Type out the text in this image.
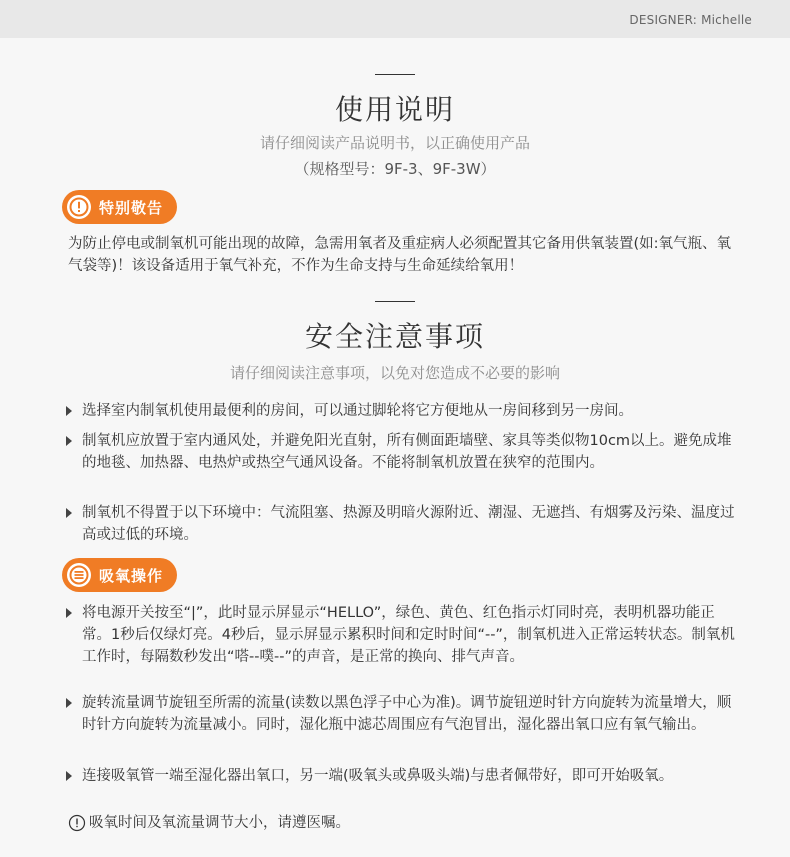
DESIGNER: Michelle
使用说明
请仔细阅读产品说明书，以正确使用产品
（规格型号：9F-3、9F-3W）
特别敬告
为防止停电或制氧机可能出现的故障，急需用氧者及重症病人必须配置其它备用供氧装置(如:氧气瓶、氧气袋等)！该设备适用于氧气补充，不作为生命支持与生命延续给氧用！
安全注意事项
请仔细阅读注意事项，以免对您造成不必要的影响
选择室内制氧机使用最便利的房间，可以通过脚轮将它方便地从一房间移到另一房间。
制氧机应放置于室内通风处，并避免阳光直射，所有侧面距墙壁、家具等类似物10cm以上。避免成堆的地毯、加热器、电热炉或热空气通风设备。不能将制氧机放置在狭窄的范围内。
制氧机不得置于以下环境中：气流阻塞、热源及明暗火源附近、潮湿、无遮挡、有烟雾及污染、温度过高或过低的环境。
吸氧操作
将电源开关按至“|”，此时显示屏显示“HELLO”，绿色、黄色、红色指示灯同时亮，表明机器功能正常。1秒后仅绿灯亮。4秒后，显示屏显示累积时间和定时时间“--”，制氧机进入正常运转状态。制氧机工作时，每隔数秒发出“嗒--噗--”的声音，是正常的换向、排气声音。
旋转流量调节旋钮至所需的流量(读数以黑色浮子中心为准)。调节旋钮逆时针方向旋转为流量增大，顺时针方向旋转为流量减小。同时，湿化瓶中滤芯周围应有气泡冒出，湿化器出氧口应有氧气输出。
连接吸氧管一端至湿化器出氧口，另一端(吸氧头或鼻吸头端)与患者佩带好，即可开始吸氧。
吸氧时间及氧流量调节大小，请遵医嘱。
